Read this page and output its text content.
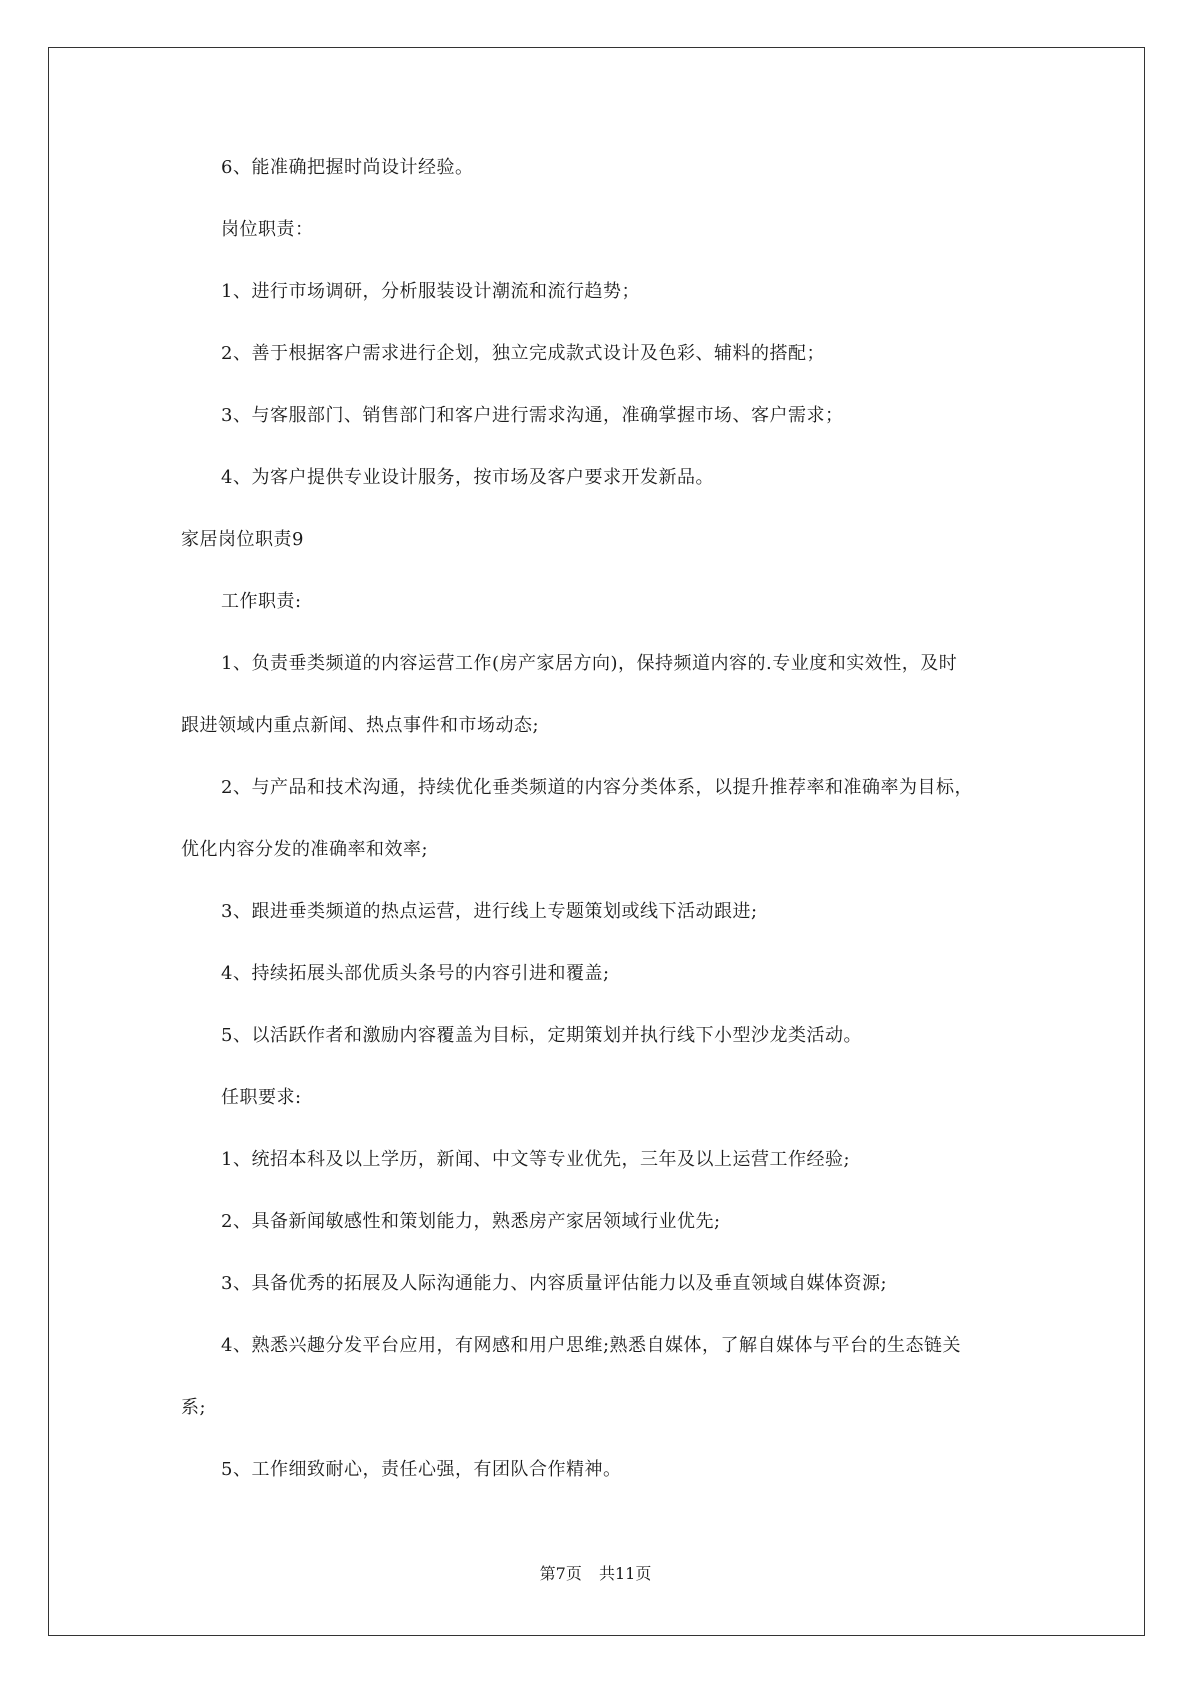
6、能准确把握时尚设计经验。
岗位职责：
1、进行市场调研，分析服装设计潮流和流行趋势；
2、善于根据客户需求进行企划，独立完成款式设计及色彩、辅料的搭配；
3、与客服部门、销售部门和客户进行需求沟通，准确掌握市场、客户需求；
4、为客户提供专业设计服务，按市场及客户要求开发新品。
家居岗位职责9
工作职责:
1、负责垂类频道的内容运营工作(房产家居方向)，保持频道内容的.专业度和实效性，及时
跟进领域内重点新闻、热点事件和市场动态;
2、与产品和技术沟通，持续优化垂类频道的内容分类体系，以提升推荐率和准确率为目标，
优化内容分发的准确率和效率;
3、跟进垂类频道的热点运营，进行线上专题策划或线下活动跟进;
4、持续拓展头部优质头条号的内容引进和覆盖;
5、以活跃作者和激励内容覆盖为目标，定期策划并执行线下小型沙龙类活动。
任职要求:
1、统招本科及以上学历，新闻、中文等专业优先，三年及以上运营工作经验;
2、具备新闻敏感性和策划能力，熟悉房产家居领域行业优先;
3、具备优秀的拓展及人际沟通能力、内容质量评估能力以及垂直领域自媒体资源;
4、熟悉兴趣分发平台应用，有网感和用户思维;熟悉自媒体，了解自媒体与平台的生态链关
系;
5、工作细致耐心，责任心强，有团队合作精神。
第7页 共11页
